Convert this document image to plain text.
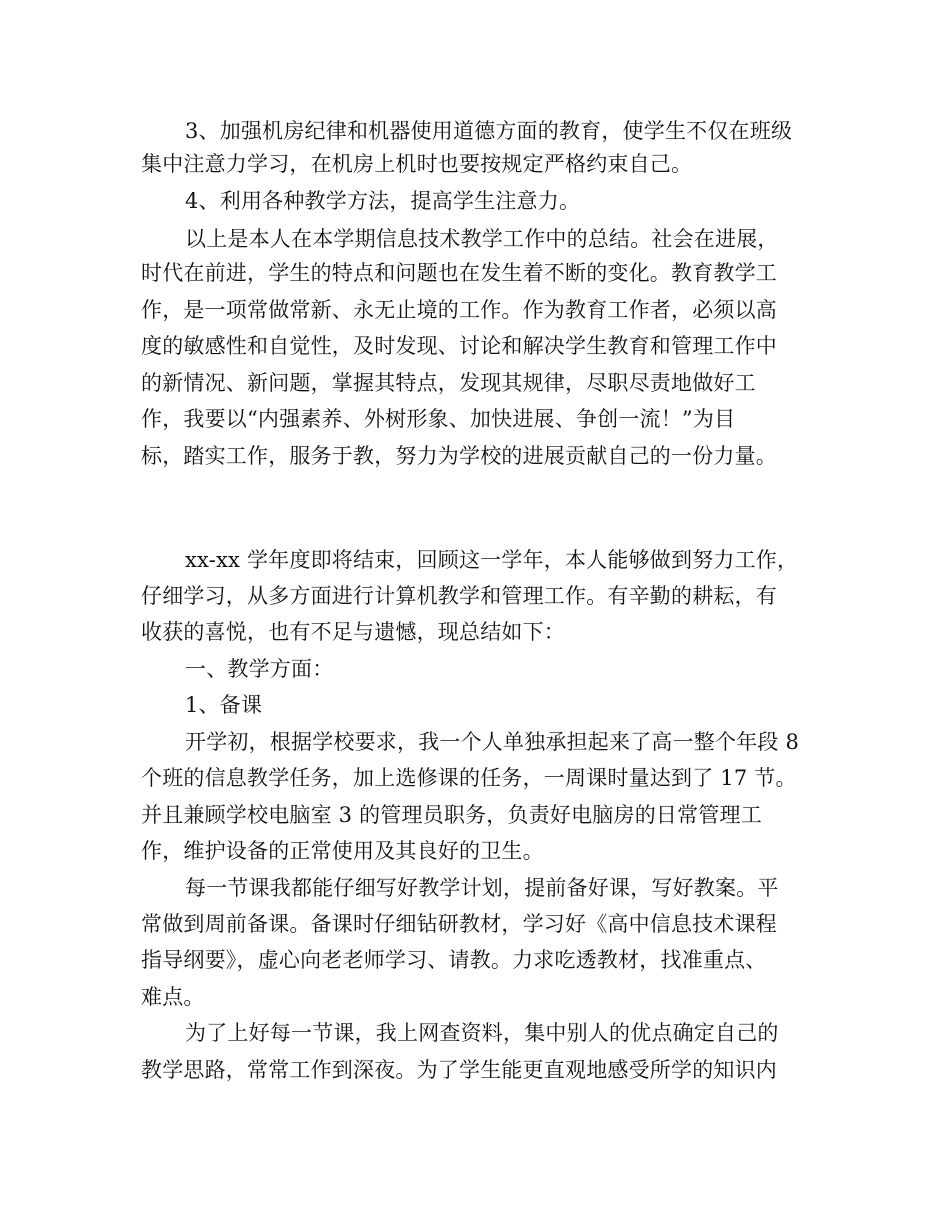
3、加强机房纪律和机器使用道德方面的教育，使学生不仅在班级
集中注意力学习，在机房上机时也要按规定严格约束自己。
4、利用各种教学方法，提高学生注意力。
以上是本人在本学期信息技术教学工作中的总结。社会在进展，
时代在前进，学生的特点和问题也在发生着不断的变化。教育教学工
作，是一项常做常新、永无止境的工作。作为教育工作者，必须以高
度的敏感性和自觉性，及时发现、讨论和解决学生教育和管理工作中
的新情况、新问题，掌握其特点，发现其规律，尽职尽责地做好工
作，我要以“内强素养、外树形象、加快进展、争创一流！”为目
标，踏实工作，服务于教，努力为学校的进展贡献自己的一份力量。
xx-xx 学年度即将结束，回顾这一学年，本人能够做到努力工作，
仔细学习，从多方面进行计算机教学和管理工作。有辛勤的耕耘，有
收获的喜悦，也有不足与遗憾，现总结如下：
一、教学方面：
1、备课
开学初，根据学校要求，我一个人单独承担起来了高一整个年段 8
个班的信息教学任务，加上选修课的任务，一周课时量达到了 17 节。
并且兼顾学校电脑室 3 的管理员职务，负责好电脑房的日常管理工
作，维护设备的正常使用及其良好的卫生。
每一节课我都能仔细写好教学计划，提前备好课，写好教案。平
常做到周前备课。备课时仔细钻研教材，学习好《高中信息技术课程
指导纲要》，虚心向老老师学习、请教。力求吃透教材，找准重点、
难点。
为了上好每一节课，我上网查资料，集中别人的优点确定自己的
教学思路，常常工作到深夜。为了学生能更直观地感受所学的知识内
